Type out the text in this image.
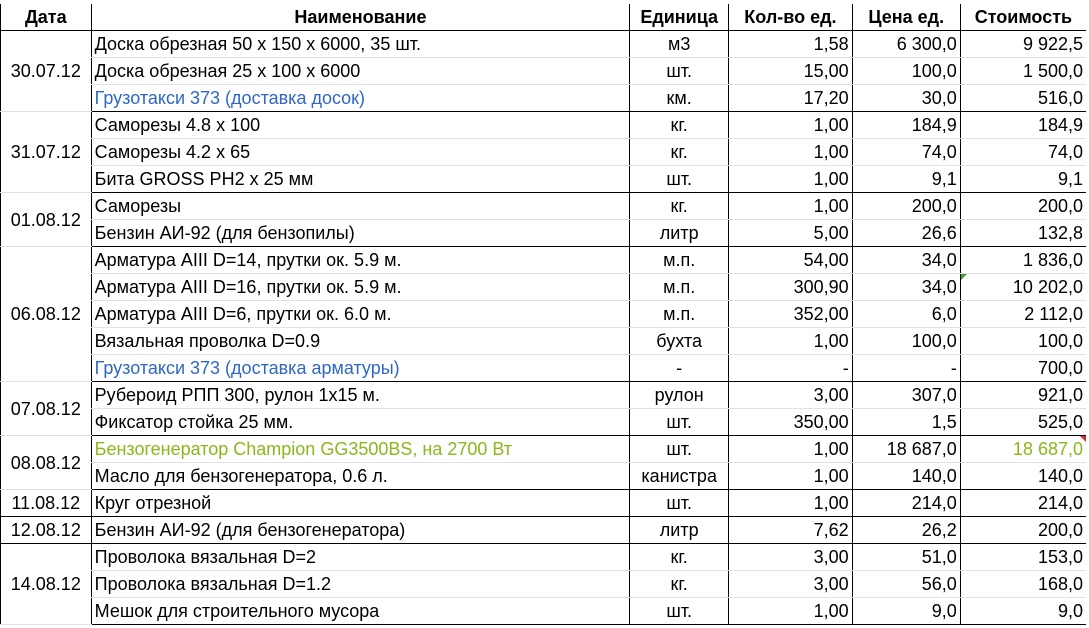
Дата	Наименование	Единица	Кол-во ед.	Цена ед.	Стоимость
30.07.12	Доска обрезная 50 х 150 х 6000, 35 шт.	м3	1,58	6 300,0	9 922,5
	Доска обрезная 25 х 100 х 6000	шт.	15,00	100,0	1 500,0
	Грузотакси 373 (доставка досок)	км.	17,20	30,0	516,0
31.07.12	Саморезы 4.8 х 100	кг.	1,00	184,9	184,9
	Саморезы 4.2 х 65	кг.	1,00	74,0	74,0
	Бита GROSS PH2 х 25 мм	шт.	1,00	9,1	9,1
01.08.12	Саморезы	кг.	1,00	200,0	200,0
	Бензин АИ-92 (для бензопилы)	литр	5,00	26,6	132,8
06.08.12	Арматура АIII D=14, прутки ок. 5.9 м.	м.п.	54,00	34,0	1 836,0
	Арматура АIII D=16, прутки ок. 5.9 м.	м.п.	300,90	34,0	10 202,0

	Арматура АIII D=6, прутки ок. 6.0 м.	м.п.	352,00	6,0	2 112,0
	Вязальная проволка D=0.9	бухта	1,00	100,0	100,0
	Грузотакси 373 (доставка арматуры)	-	-	-	700,0
07.08.12	Рубероид РПП 300, рулон 1х15 м.	рулон	3,00	307,0	921,0
	Фиксатор стойка 25 мм.	шт.	350,00	1,5	525,0
08.08.12	Бензогенератор Champion GG3500BS, на 2700 Вт	шт.	1,00	18 687,0	18 687,0

	Масло для бензогенератора, 0.6 л.	канистра	1,00	140,0	140,0
11.08.12	Круг отрезной	шт.	1,00	214,0	214,0
12.08.12	Бензин АИ-92 (для бензогенератора)	литр	7,62	26,2	200,0
14.08.12	Проволока вязальная D=2	кг.	3,00	51,0	153,0
	Проволока вязальная D=1.2	кг.	3,00	56,0	168,0
	Мешок для строительного мусора	шт.	1,00	9,0	9,0
